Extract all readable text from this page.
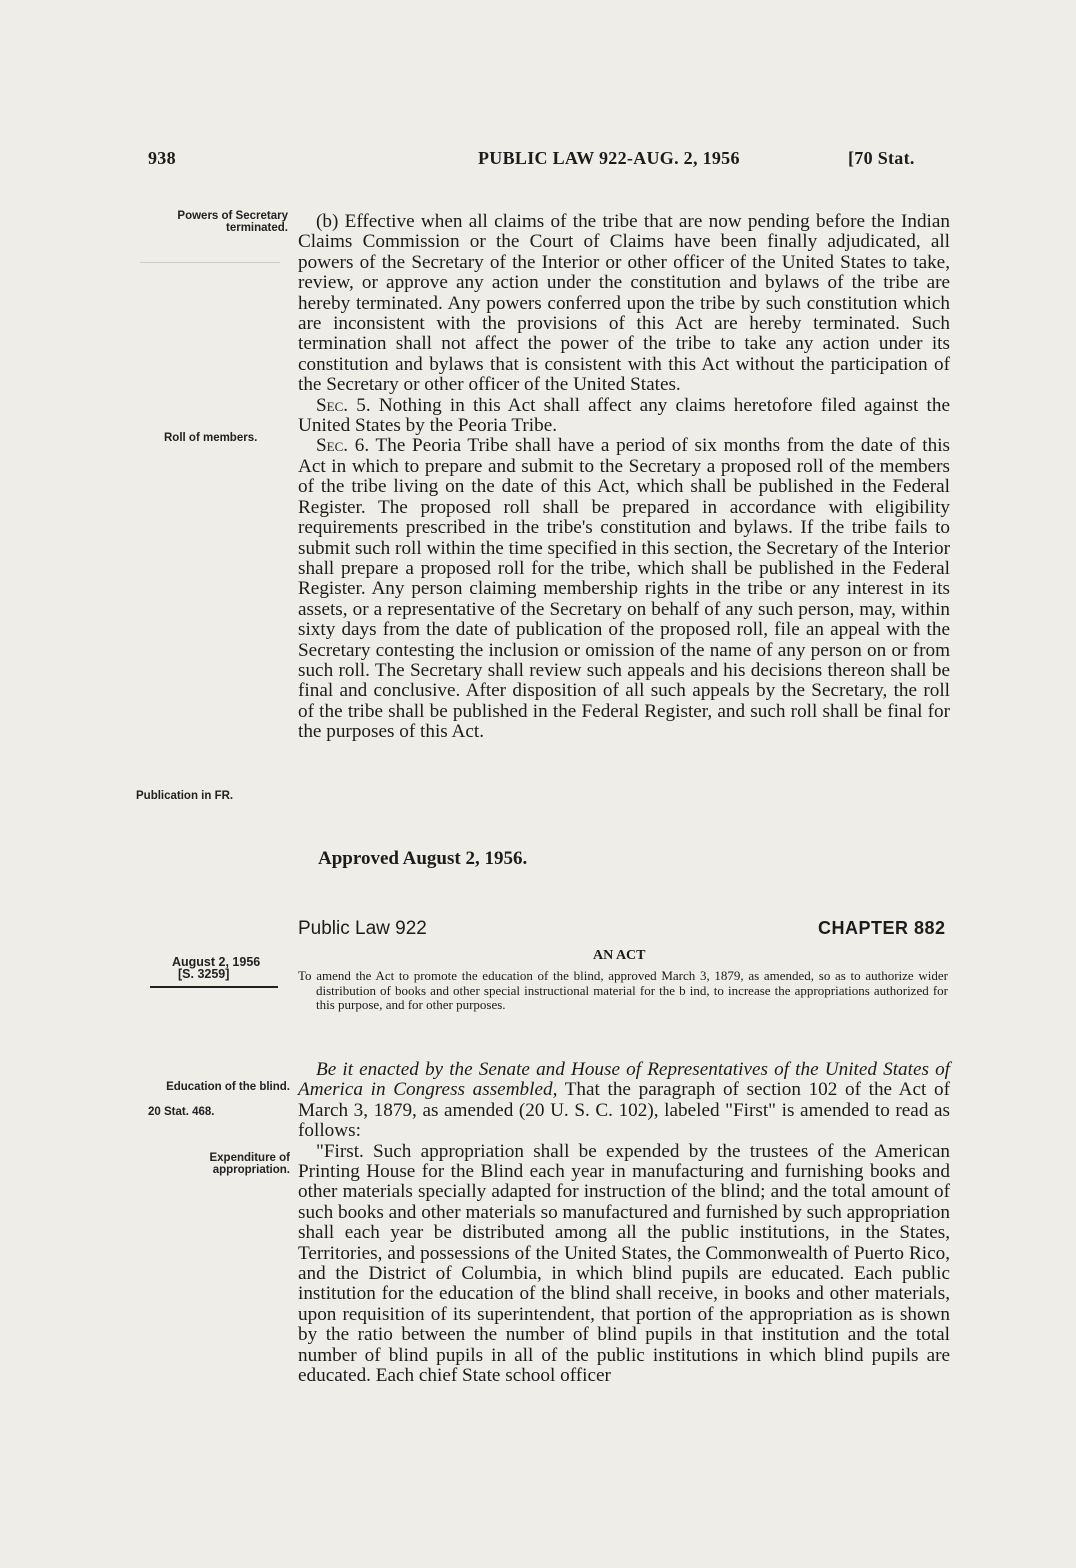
938	PUBLIC LAW 922-AUG. 2, 1956	[70 Stat.
Powers of Secretary terminated.
Roll of members.
Publication in FR.
August 2, 1956
[S. 3259]
Education of the blind.
20 Stat. 468.
Expenditure of appropriation.

(b) Effective when all claims of the tribe that are now pending before the Indian Claims Commission or the Court of Claims have been finally adjudicated, all powers of the Secretary of the Interior or other officer of the United States to take, review, or approve any action under the constitution and bylaws of the tribe are hereby terminated. Any powers conferred upon the tribe by such constitution which are inconsistent with the provisions of this Act are hereby terminated. Such termination shall not affect the power of the tribe to take any action under its constitution and bylaws that is consistent with this Act without the participation of the Secretary or other officer of the United States.

Sec. 5. Nothing in this Act shall affect any claims heretofore filed against the United States by the Peoria Tribe.

Sec. 6. The Peoria Tribe shall have a period of six months from the date of this Act in which to prepare and submit to the Secretary a proposed roll of the members of the tribe living on the date of this Act, which shall be published in the Federal Register. The proposed roll shall be prepared in accordance with eligibility requirements prescribed in the tribe's constitution and bylaws. If the tribe fails to submit such roll within the time specified in this section, the Secretary of the Interior shall prepare a proposed roll for the tribe, which shall be published in the Federal Register. Any person claiming membership rights in the tribe or any interest in its assets, or a representative of the Secretary on behalf of any such person, may, within sixty days from the date of publication of the proposed roll, file an appeal with the Secretary contesting the inclusion or omission of the name of any person on or from such roll. The Secretary shall review such appeals and his decisions thereon shall be final and conclusive. After disposition of all such appeals by the Secretary, the roll of the tribe shall be published in the Federal Register, and such roll shall be final for the purposes of this Act.

Approved August 2, 1956.
Public Law 922	CHAPTER 882
AN ACT

To amend the Act to promote the education of the blind, approved March 3, 1879, as amended, so as to authorize wider distribution of books and other special instructional material for the b ind, to increase the appropriations authorized for this purpose, and for other purposes.

Be it enacted by the Senate and House of Representatives of the United States of America in Congress assembled, That the paragraph of section 102 of the Act of March 3, 1879, as amended (20 U. S. C. 102), labeled "First" is amended to read as follows:

"First. Such appropriation shall be expended by the trustees of the American Printing House for the Blind each year in manufacturing and furnishing books and other materials specially adapted for instruction of the blind; and the total amount of such books and other materials so manufactured and furnished by such appropriation shall each year be distributed among all the public institutions, in the States, Territories, and possessions of the United States, the Commonwealth of Puerto Rico, and the District of Columbia, in which blind pupils are educated. Each public institution for the education of the blind shall receive, in books and other materials, upon requisition of its superintendent, that portion of the appropriation as is shown by the ratio between the number of blind pupils in that institution and the total number of blind pupils in all of the public institutions in which blind pupils are educated. Each chief State school officer
